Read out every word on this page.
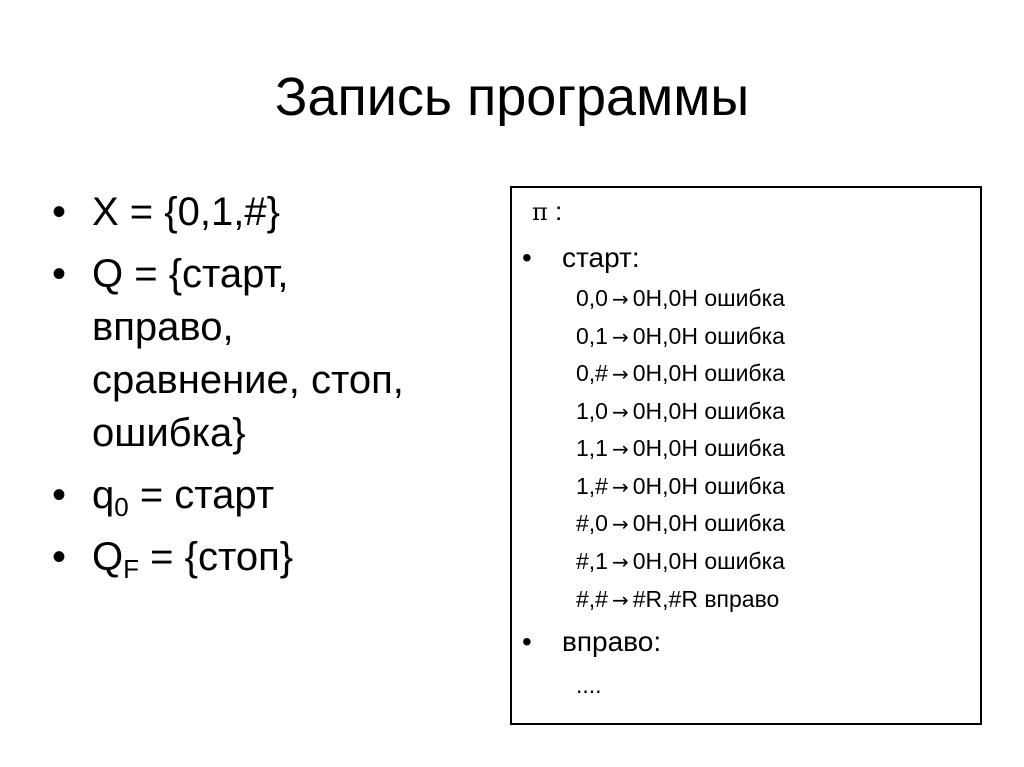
Запись программы
• X = {0,1,#}
• Q = {старт,
вправо,
сравнение, стоп,
ошибка}
• $q_0$ = старт
• $Q_F$ = {стоп}
π :
• старт:
0,0 → 0H,0H ошибка
0,1 → 0H,0H ошибка
0,# → 0H,0H ошибка
1,0 → 0H,0H ошибка
1,1 → 0H,0H ошибка
1,# → 0H,0H ошибка
#,0 → 0H,0H ошибка
#,1 → 0H,0H ошибка
#,# → #R,#R вправо
• вправо:
....
